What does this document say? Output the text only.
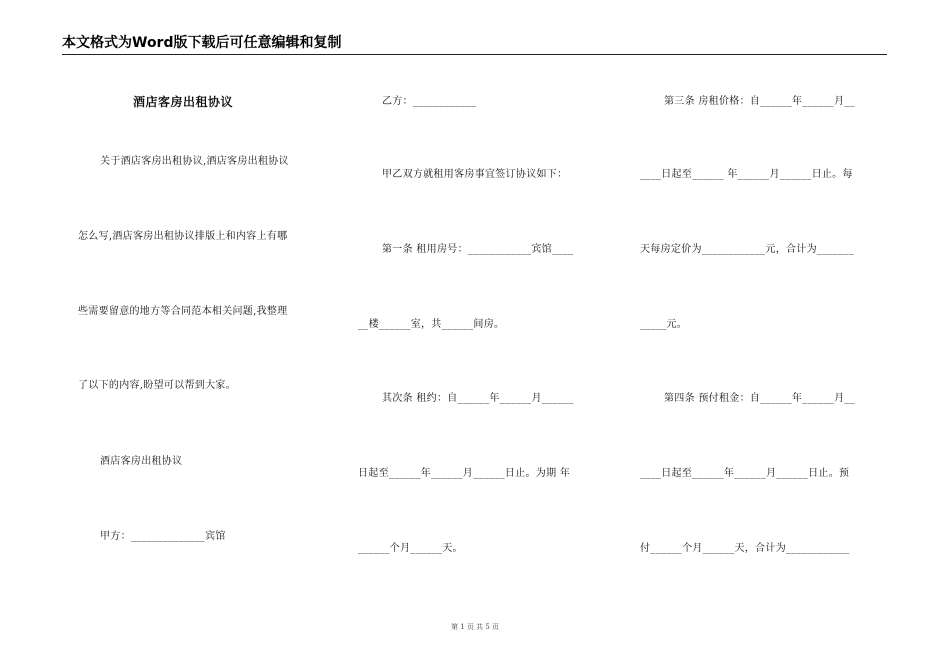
本文格式为Word版下载后可任意编辑和复制
酒店客房出租协议
关于酒店客房出租协议,酒店客房出租协议
怎么写,酒店客房出租协议排版上和内容上有哪
些需要留意的地方等合同范本相关问题,我整理
了以下的内容,盼望可以帮到大家。
酒店客房出租协议
甲方：______________宾馆
乙方：____________
甲乙双方就租用客房事宜签订协议如下：
第一条 租用房号：____________宾馆____
__楼______室，共______间房。
其次条 租约：自______年______月______
日起至______年______月______日止。为期 年
______个月______天。
第三条 房租价格：自______年______月__
____日起至______ 年______月______日止。每
天每房定价为____________元，合计为_______
_____元。
第四条 预付租金：自______年______月__
____日起至______年______月______日止。预
付______个月______天，合计为____________
第 1 页 共 5 页
